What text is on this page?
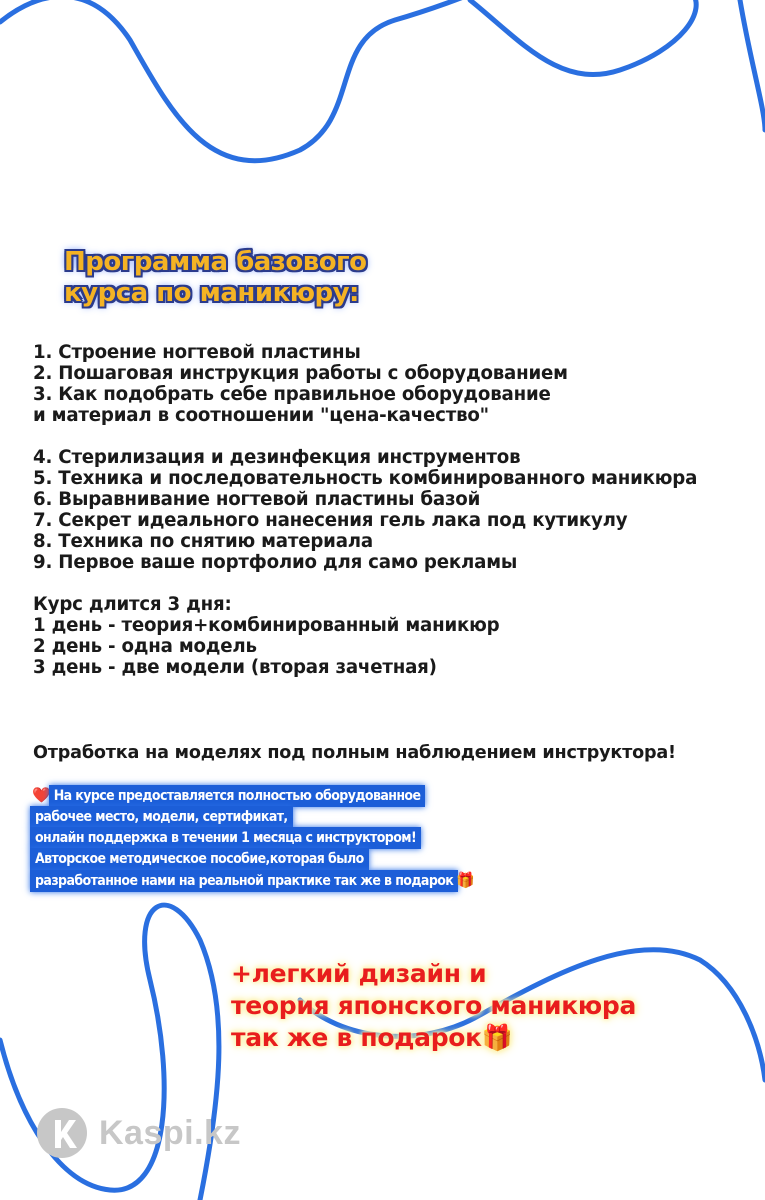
Программа базового
курса по маникюру:
1. Строение ногтевой пластины
2. Пошаговая инструкция работы с оборудованием
3. Как подобрать себе правильное оборудование
и материал в соотношении "цена-качество"
4. Стерилизация и дезинфекция инструментов
5. Техника и последовательность комбинированного маникюра
6. Выравнивание ногтевой пластины базой
7. Секрет идеального нанесения гель лака под кутикулу
8. Техника по снятию материала
9. Первое ваше портфолио для само рекламы
Курс длится 3 дня:
1 день - теория+комбинированный маникюр
2 день - одна модель
3 день - две модели (вторая зачетная)
Отработка на моделях под полным наблюдением инструктора!
❤️ На курсе предоставляется полностью оборудованное
рабочее место, модели, сертификат,
онлайн поддержка в течении 1 месяца с инструктором!
Авторское методическое пособие,которая было
разработанное нами на реальной практике так же в подарок 🎁
+легкий дизайн и
теория японского маникюра
так же в подарок🎁
Kaspi.kz
